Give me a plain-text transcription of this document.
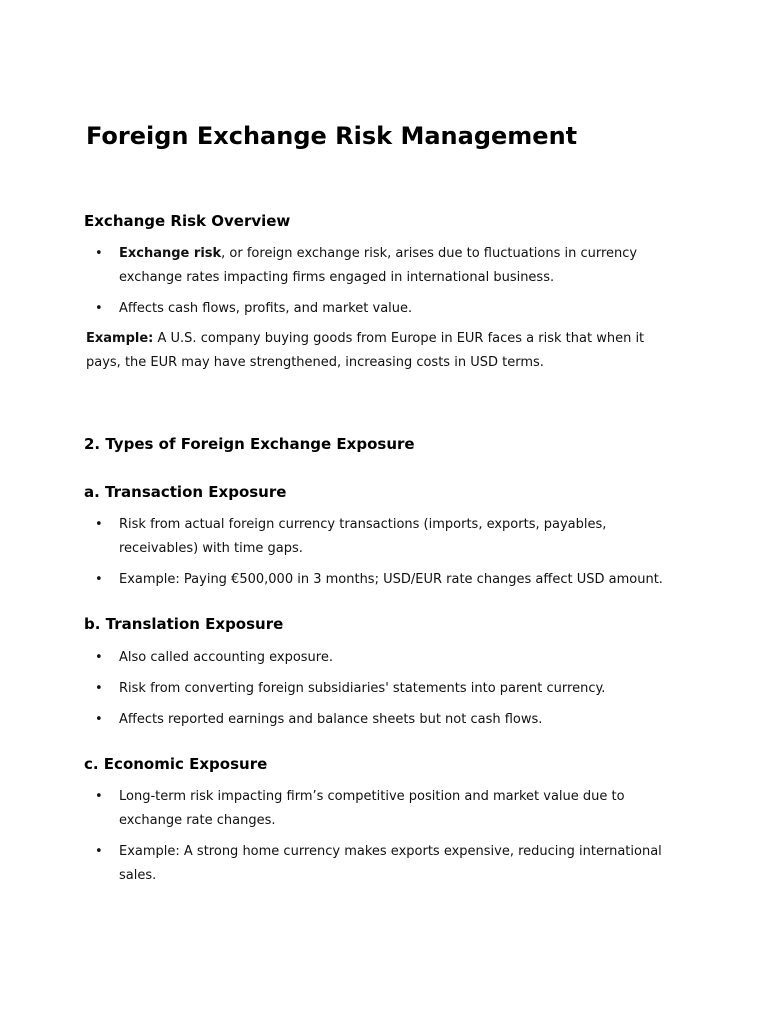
Foreign Exchange Risk Management
Exchange Risk Overview
• Exchange risk, or foreign exchange risk, arises due to fluctuations in currency exchange rates impacting firms engaged in international business.
• Affects cash flows, profits, and market value.

Example: A U.S. company buying goods from Europe in EUR faces a risk that when it pays, the EUR may have strengthened, increasing costs in USD terms.

2. Types of Foreign Exchange Exposure
a. Transaction Exposure
• Risk from actual foreign currency transactions (imports, exports, payables, receivables) with time gaps.
• Example: Paying €500,000 in 3 months; USD/EUR rate changes affect USD amount.
b. Translation Exposure
• Also called accounting exposure.
• Risk from converting foreign subsidiaries' statements into parent currency.
• Affects reported earnings and balance sheets but not cash flows.
c. Economic Exposure
• Long-term risk impacting firm’s competitive position and market value due to exchange rate changes.
• Example: A strong home currency makes exports expensive, reducing international sales.
